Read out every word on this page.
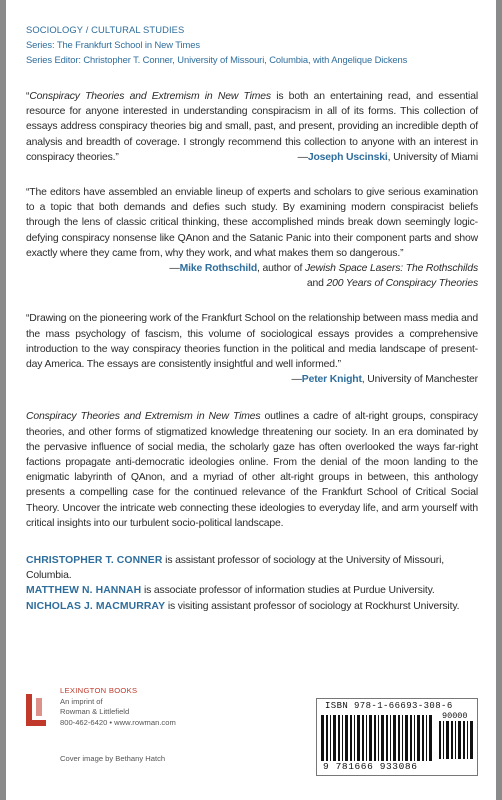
SOCIOLOGY / CULTURAL STUDIES
Series: The Frankfurt School in New Times
Series Editor: Christopher T. Conner, University of Missouri, Columbia, with Angelique Dickens

“Conspiracy Theories and Extremism in New Times is both an entertaining read, and essential resource for anyone interested in understanding conspiracism in all of its forms. This collection of essays address conspiracy theories big and small, past, and present, providing an incredible depth of analysis and breadth of coverage. I strongly recommend this collection to anyone with an interest in conspiracy theories.”	—Joseph Uscinski, University of Miami

“The editors have assembled an enviable lineup of experts and scholars to give serious examination to a topic that both demands and defies such study. By examining modern conspiracist beliefs through the lens of classic critical thinking, these accomplished minds break down seemingly logic-defying conspiracy nonsense like QAnon and the Satanic Panic into their component parts and show exactly where they came from, why they work, and what makes them so dangerous.”

—Mike Rothschild, author of Jewish Space Lasers: The Rothschilds

and 200 Years of Conspiracy Theories

“Drawing on the pioneering work of the Frankfurt School on the relationship between mass media and the mass psychology of fascism, this volume of sociological essays provides a comprehensive introduction to the way conspiracy theories function in the political and media landscape of present-day America. The essays are consistently insightful and well informed.”

—Peter Knight, University of Manchester

Conspiracy Theories and Extremism in New Times outlines a cadre of alt-right groups, conspiracy theories, and other forms of stigmatized knowledge threatening our society. In an era dominated by the pervasive influence of social media, the scholarly gaze has often overlooked the ways far-right factions propagate anti-democratic ideologies online. From the denial of the moon landing to the enigmatic labyrinth of QAnon, and a myriad of other alt-right groups in between, this anthology presents a compelling case for the continued relevance of the Frankfurt School of Critical Social Theory. Uncover the intricate web connecting these ideologies to everyday life, and arm yourself with critical insights into our turbulent socio-political landscape.

CHRISTOPHER T. CONNER is assistant professor of sociology at the University of Missouri, Columbia.

MATTHEW N. HANNAH is associate professor of information studies at Purdue University.

NICHOLAS J. MACMURRAY is visiting assistant professor of sociology at Rockhurst University.

LEXINGTON BOOKS
An imprint of
Rowman & Littlefield
800-462-6420 • www.rowman.com
Cover image by Bethany Hatch
ISBN 978-1-66693-308-6
90000
9 781666 933086
